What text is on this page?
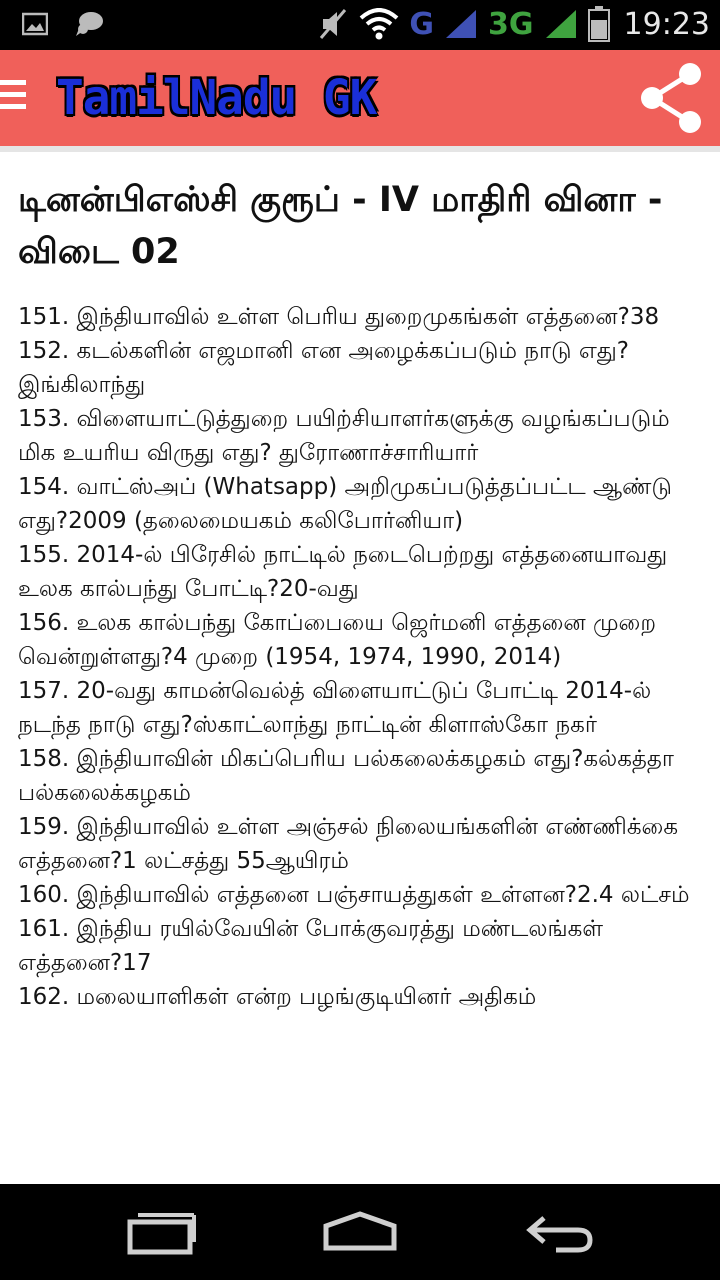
G 3G	19:23
TamilNadu GK
டினன்பிஎஸ்சி குரூப் - IV மாதிரி வினா - விடை 02
151. இந்தியாவில் உள்ள பெரிய துறைமுகங்கள் எத்தனை?38
152. கடல்களின் எஜமானி என அழைக்கப்படும் நாடு எது?இங்கிலாந்து
153. விளையாட்டுத்துறை பயிற்சியாளர்களுக்கு வழங்கப்படும் மிக உயரிய விருது எது? துரோணாச்சாரியார்
154. வாட்ஸ்அப் (Whatsapp) அறிமுகப்படுத்தப்பட்ட ஆண்டு எது?2009 (தலைமையகம் கலிபோர்னியா)
155. 2014-ல் பிரேசில் நாட்டில் நடைபெற்றது எத்தனையாவது உலக கால்பந்து போட்டி?20-வது
156. உலக கால்பந்து கோப்பையை ஜெர்மனி எத்தனை முறை வென்றுள்ளது?4 முறை (1954, 1974, 1990, 2014)
157. 20-வது காமன்வெல்த் விளையாட்டுப் போட்டி 2014-ல் நடந்த நாடு எது?ஸ்காட்லாந்து நாட்டின் கிளாஸ்கோ நகர்
158. இந்தியாவின் மிகப்பெரிய பல்கலைக்கழகம் எது?கல்கத்தா பல்கலைக்கழகம்
159. இந்தியாவில் உள்ள அஞ்சல் நிலையங்களின் எண்ணிக்கை எத்தனை?1 லட்சத்து 55ஆயிரம்
160. இந்தியாவில் எத்தனை பஞ்சாயத்துகள் உள்ளன?2.4 லட்சம்
161. இந்திய ரயில்வேயின் போக்குவரத்து மண்டலங்கள் எத்தனை?17
162. மலையாளிகள் என்ற பழங்குடியினர் அதிகம்
